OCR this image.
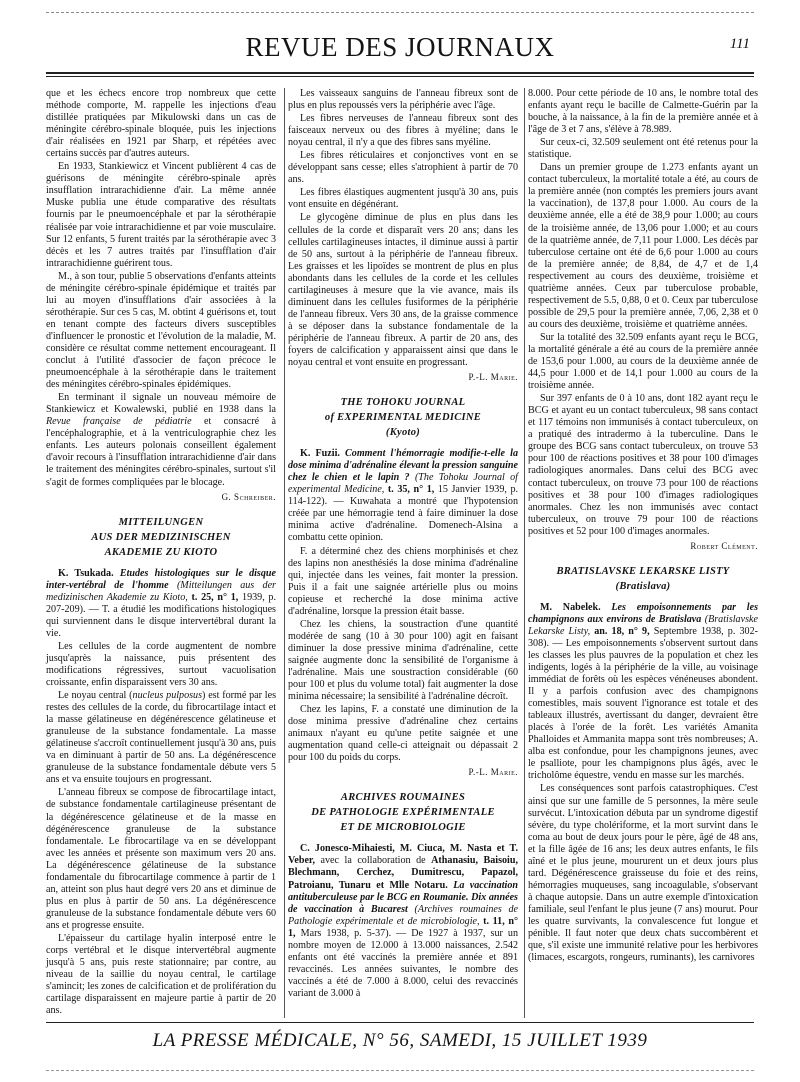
REVUE DES JOURNAUX	111

que et les échecs encore trop nombreux que cette méthode comporte, M. rappelle les injections d'eau distillée pratiquées par Mikulowski dans un cas de méningite cérébro-spinale bloquée, puis les injections d'air réalisées en 1921 par Sharp, et répétées avec certains succès par d'autres auteurs.

En 1933, Stankiewicz et Vincent publièrent 4 cas de guérisons de méningite cérébro-spinale après insufflation intrarachidienne d'air. La même année Muske publia une étude comparative des résultats fournis par le pneumoencéphale et par la sérothérapie réalisée par voie intrarachidienne et par voie musculaire. Sur 12 enfants, 5 furent traités par la sérothérapie avec 3 décès et les 7 autres traités par l'insufflation d'air intrarachidienne guérirent tous.

M., à son tour, publie 5 observations d'enfants atteints de méningite cérébro-spinale épidémique et traités par lui au moyen d'insufflations d'air associées à la sérothérapie. Sur ces 5 cas, M. obtint 4 guérisons et, tout en tenant compte des facteurs divers susceptibles d'influencer le pronostic et l'évolution de la maladie, M. considère ce résultat comme nettement encourageant. Il conclut à l'utilité d'associer de façon précoce le pneumoencéphale à la sérothérapie dans le traitement des méningites cérébro-spinales épidémiques.

En terminant il signale un nouveau mémoire de Stankiewicz et Kowalewski, publié en 1938 dans la Revue française de pédiatrie et consacré à l'encéphalographie, et à la ventriculographie chez les enfants. Les auteurs polonais conseillent également d'avoir recours à l'insufflation intrarachidienne d'air dans le traitement des méningites cérébro-spinales, surtout s'il s'agit de formes compliquées par le blocage.

G. Schreiber.
MITTEILUNGEN
AUS DER MEDIZINISCHEN
AKADEMIE ZU KIOTO

K. Tsukada. Etudes histologiques sur le disque inter-vertébral de l'homme (Mitteilungen aus der medizinischen Akademie zu Kioto, t. 25, n° 1, 1939, p. 207-209). — T. a étudié les modifications histologiques qui surviennent dans le disque intervertébral durant la vie.

Les cellules de la corde augmentent de nombre jusqu'après la naissance, puis présentent des modifications régressives, surtout vacuolisation croissante, enfin disparaissent vers 30 ans.

Le noyau central (nucleus pulposus) est formé par les restes des cellules de la corde, du fibrocartilage intact et la masse gélatineuse en dégénérescence gélatineuse et granuleuse de la substance fondamentale. La masse gélatineuse s'accroît continuellement jusqu'à 30 ans, puis va en diminuant à partir de 50 ans. La dégénérescence granuleuse de la substance fondamentale débute vers 5 ans et va ensuite toujours en progressant.

L'anneau fibreux se compose de fibrocartilage intact, de substance fondamentale cartilagineuse présentant de la dégénérescence gélatineuse et de la masse en dégénérescence granuleuse de la substance fondamentale. Le fibrocartilage va en se développant avec les années et présente son maximum vers 20 ans. La dégénérescence gélatineuse de la substance fondamentale du fibrocartilage commence à partir de 1 an, atteint son plus haut degré vers 20 ans et diminue de plus en plus à partir de 50 ans. La dégénérescence granuleuse de la substance fondamentale débute vers 60 ans et progresse ensuite.

L'épaisseur du cartilage hyalin interposé entre le corps vertébral et le disque intervertébral augmente jusqu'à 5 ans, puis reste stationnaire; par contre, au niveau de la saillie du noyau central, le cartilage s'amincit; les zones de calcification et de prolifération du cartilage disparaissent en majeure partie à partir de 20 ans.

Les vaisseaux sanguins de l'anneau fibreux sont de plus en plus repoussés vers la périphérie avec l'âge.

Les fibres nerveuses de l'anneau fibreux sont des faisceaux nerveux ou des fibres à myéline; dans le noyau central, il n'y a que des fibres sans myéline.

Les fibres réticulaires et conjonctives vont en se développant sans cesse; elles s'atrophient à partir de 70 ans.

Les fibres élastiques augmentent jusqu'à 30 ans, puis vont ensuite en dégénérant.

Le glycogène diminue de plus en plus dans les cellules de la corde et disparaît vers 20 ans; dans les cellules cartilagineuses intactes, il diminue aussi à partir de 50 ans, surtout à la périphérie de l'anneau fibreux. Les graisses et les lipoïdes se montrent de plus en plus abondants dans les cellules de la corde et les cellules cartilagineuses à mesure que la vie avance, mais ils diminuent dans les cellules fusiformes de la périphérie de l'anneau fibreux. Vers 30 ans, de la graisse commence à se déposer dans la substance fondamentale de la périphérie de l'anneau fibreux. A partir de 20 ans, des foyers de calcification y apparaissent ainsi que dans le noyau central et vont ensuite en progressant.

P.-L. Marie.
THE TOHOKU JOURNAL
of EXPERIMENTAL MEDICINE
(Kyoto)

K. Fuzii. Comment l'hémorragie modifie-t-elle la dose minima d'adrénaline élevant la pression sanguine chez le chien et le lapin ? (The Tohoku Journal of experimental Medicine, t. 35, n° 1, 15 Janvier 1939, p. 114-122). — Kuwahata a montré que l'hypotension créée par une hémorragie tend à faire diminuer la dose minima active d'adrénaline. Domenech-Alsina a combattu cette opinion.

F. a déterminé chez des chiens morphinisés et chez des lapins non anesthésiés la dose minima d'adrénaline qui, injectée dans les veines, fait monter la pression. Puis il a fait une saignée artérielle plus ou moins copieuse et recherché la dose minima active d'adrénaline, lorsque la pression était basse.

Chez les chiens, la soustraction d'une quantité modérée de sang (10 à 30 pour 100) agit en faisant diminuer la dose pressive minima d'adrénaline, cette saignée augmente donc la sensibilité de l'organisme à l'adrénaline. Mais une soustraction considérable (60 pour 100 et plus du volume total) fait augmenter la dose minima nécessaire; la sensibilité à l'adrénaline décroît.

Chez les lapins, F. a constaté une diminution de la dose minima pressive d'adrénaline chez certains animaux n'ayant eu qu'une petite saignée et une augmentation quand celle-ci atteignait ou dépassait 2 pour 100 du poids du corps.

P.-L. Marie.
ARCHIVES ROUMAINES
DE PATHOLOGIE EXPÉRIMENTALE
ET DE MICROBIOLOGIE

C. Jonesco-Mihaiesti, M. Ciuca, M. Nasta et T. Veber, avec la collaboration de Athanasiu, Baisoiu, Blechmann, Cerchez, Dumitrescu, Papazol, Patroianu, Tunaru et Mlle Notaru. La vaccination antituberculeuse par le BCG en Roumanie. Dix années de vaccination à Bucarest (Archives roumaines de Pathologie expérimentale et de microbiologie, t. 11, n° 1, Mars 1938, p. 5-37). — De 1927 à 1937, sur un nombre moyen de 12.000 à 13.000 naissances, 2.542 enfants ont été vaccinés la première année et 891 revaccinés. Les années suivantes, le nombre des vaccinés a été de 7.000 à 8.000, celui des revaccinés variant de 3.000 à

8.000. Pour cette période de 10 ans, le nombre total des enfants ayant reçu le bacille de Calmette-Guérin par la bouche, à la naissance, à la fin de la première année et à l'âge de 3 et 7 ans, s'élève à 78.989.

Sur ceux-ci, 32.509 seulement ont été retenus pour la statistique.

Dans un premier groupe de 1.273 enfants ayant un contact tuberculeux, la mortalité totale a été, au cours de la première année (non comptés les premiers jours avant la vaccination), de 137,8 pour 1.000. Au cours de la deuxième année, elle a été de 38,9 pour 1.000; au cours de la troisième année, de 13,06 pour 1.000; et au cours de la quatrième année, de 7,11 pour 1.000. Les décès par tuberculose certaine ont été de 6,6 pour 1.000 au cours de la première année; de 8,84, de 4,7 et de 1,4 respectivement au cours des deuxième, troisième et quatrième années. Ceux par tuberculose probable, respectivement de 5.5, 0,88, 0 et 0. Ceux par tuberculose possible de 29,5 pour la première année, 7,06, 2,38 et 0 au cours des deuxième, troisième et quatrième années.

Sur la totalité des 32.509 enfants ayant reçu le BCG, la mortalité générale a été au cours de la première année de 153,6 pour 1.000, au cours de la deuxième année de 44,5 pour 1.000 et de 14,1 pour 1.000 au cours de la troisième année.

Sur 397 enfants de 0 à 10 ans, dont 182 ayant reçu le BCG et ayant eu un contact tuberculeux, 98 sans contact et 117 témoins non immunisés à contact tuberculeux, on a pratiqué des intradermo à la tuberculine. Dans le groupe des BCG sans contact tuberculeux, on trouve 53 pour 100 de réactions positives et 38 pour 100 d'images radiologiques anormales. Dans celui des BCG avec contact tuberculeux, on trouve 73 pour 100 de réactions positives et 38 pour 100 d'images radiologiques anormales. Chez les non immunisés avec contact tuberculeux, on trouve 79 pour 100 de réactions positives et 52 pour 100 d'images anormales.

Robert Clément.
BRATISLAVSKE LEKARSKE LISTY
(Bratislava)

M. Nabelek. Les empoisonnements par les champignons aux environs de Bratislava (Bratislavske Lekarske Listy, an. 18, n° 9, Septembre 1938, p. 302-308). — Les empoisonnements s'observent surtout dans les classes les plus pauvres de la population et chez les indigents, logés à la périphérie de la ville, au voisinage immédiat de forêts où les espèces vénéneuses abondent. Il y a parfois confusion avec des champignons comestibles, mais souvent l'ignorance est totale et des tableaux illustrés, avertissant du danger, devraient être placés à l'orée de la forêt. Les variétés Amanita Phalloides et Ammanita mappa sont très nombreuses; A. alba est confondue, pour les champignons jeunes, avec le psalliote, pour les champignons plus âgés, avec le tricholôme équestre, vendu en masse sur les marchés.

Les conséquences sont parfois catastrophiques. C'est ainsi que sur une famille de 5 personnes, la mère seule survécut. L'intoxication débuta par un syndrome digestif sévère, du type cholériforme, et la mort survint dans le coma au bout de deux jours pour le père, âgé de 48 ans, et la fille âgée de 16 ans; les deux autres enfants, le fils aîné et le plus jeune, moururent un et deux jours plus tard. Dégénérescence graisseuse du foie et des reins, hémorragies muqueuses, sang incoagulable, s'observant à chaque autopsie. Dans un autre exemple d'intoxication familiale, seul l'enfant le plus jeune (7 ans) mourut. Pour les quatre survivants, la convalescence fut longue et pénible. Il faut noter que deux chats succombèrent et que, s'il existe une immunité relative pour les herbivores (limaces, escargots, rongeurs, ruminants), les carnivores

LA PRESSE MÉDICALE, N° 56, SAMEDI, 15 JUILLET 1939
